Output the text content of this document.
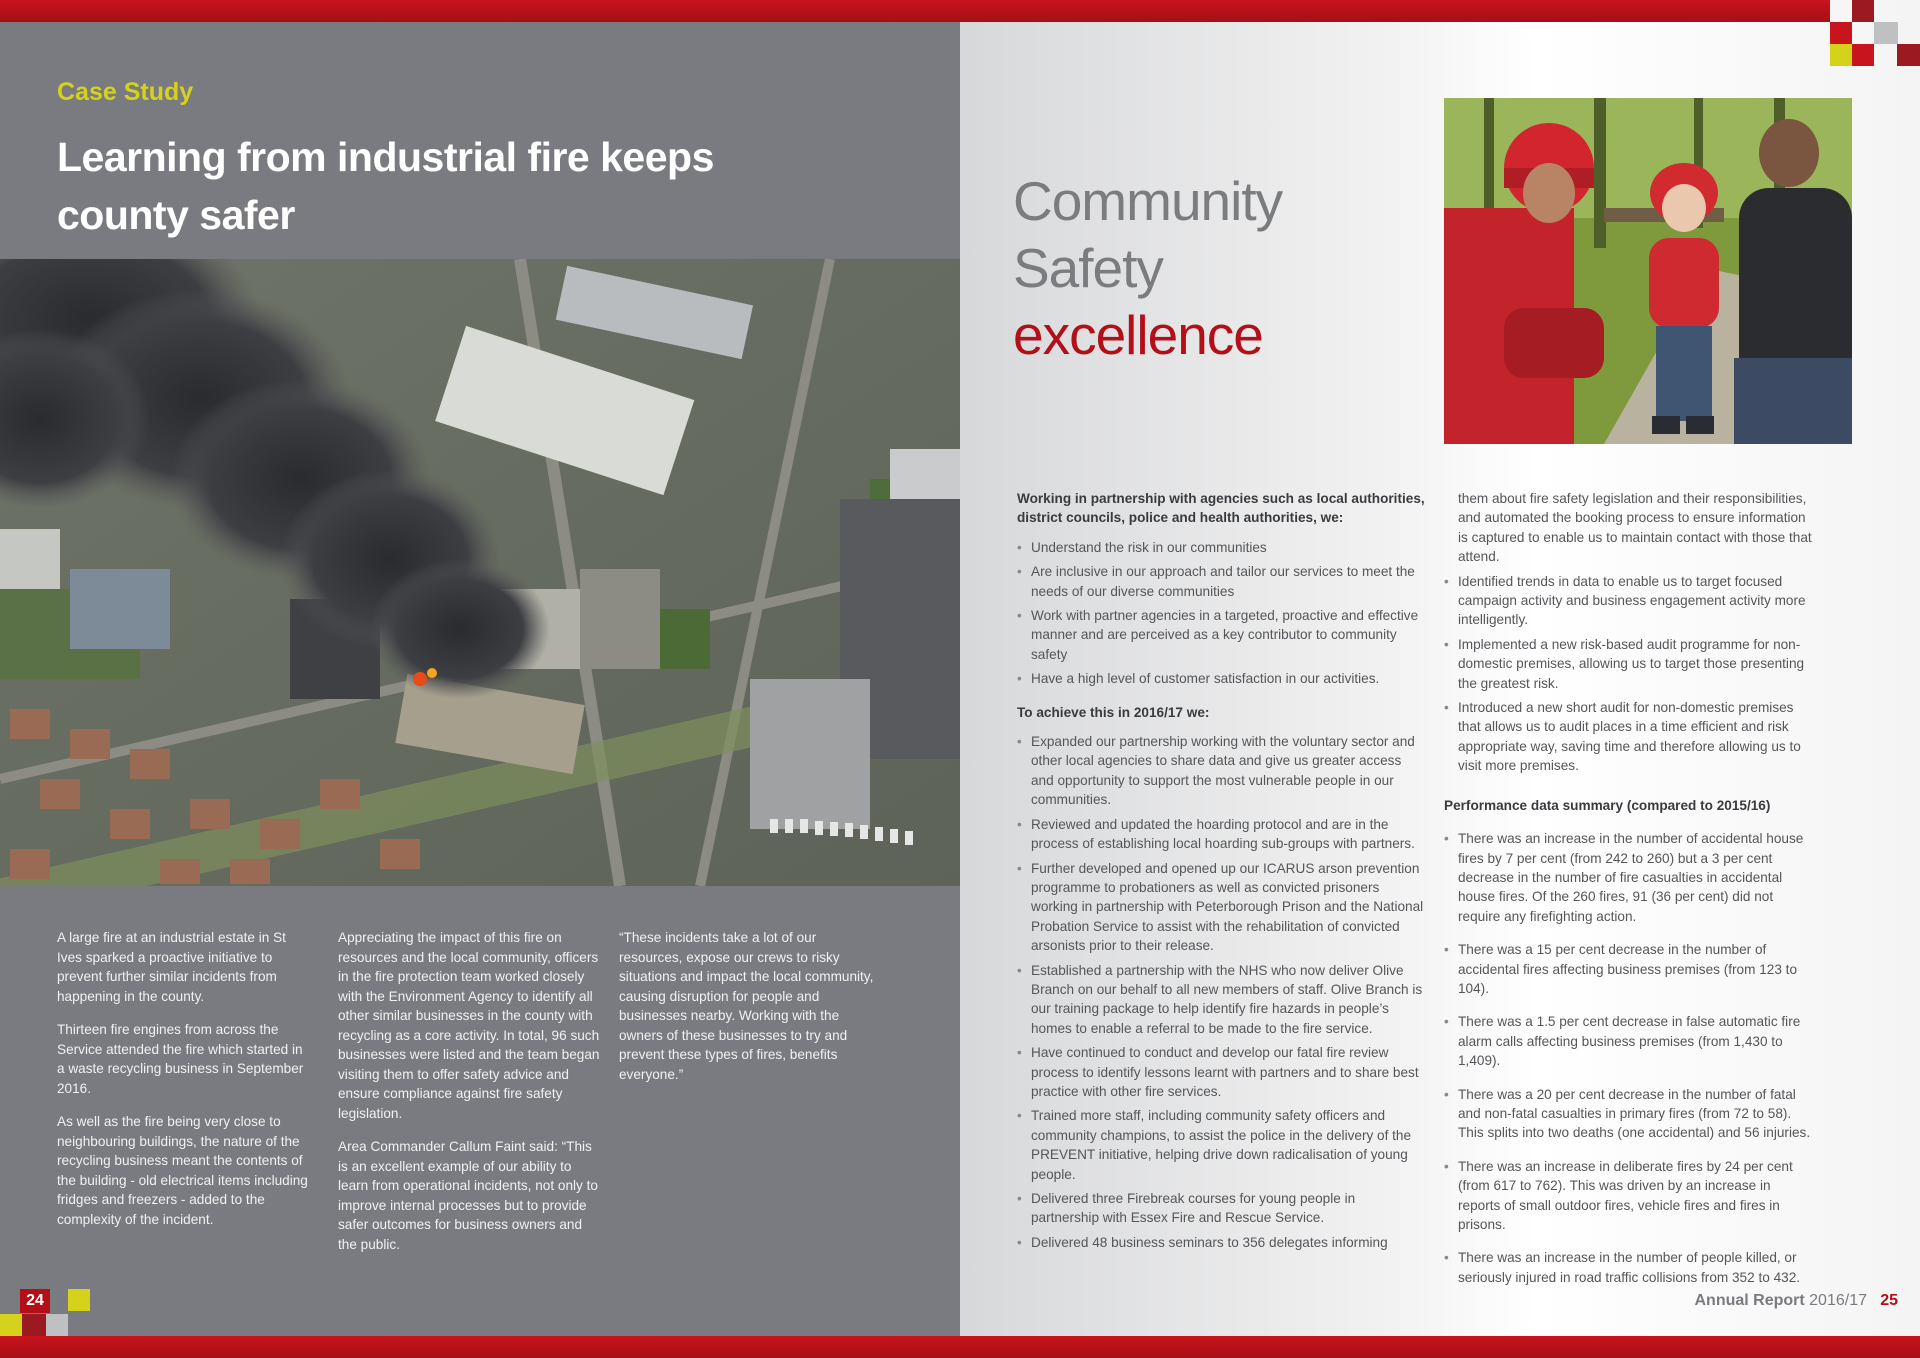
Case Study
Learning from industrial fire keeps
county safer

A large fire at an industrial estate in St Ives sparked a proactive initiative to prevent further similar incidents from happening in the county.

Thirteen fire engines from across the Service attended the fire which started in a waste recycling business in September 2016.

As well as the fire being very close to neighbouring buildings, the nature of the recycling business meant the contents of the building - old electrical items including fridges and freezers - added to the complexity of the incident.

Appreciating the impact of this fire on resources and the local community, officers in the fire protection team worked closely with the Environment Agency to identify all other similar businesses in the county with recycling as a core activity. In total, 96 such businesses were listed and the team began visiting them to offer safety advice and ensure compliance against fire safety legislation.

Area Commander Callum Faint said: “This is an excellent example of our ability to learn from operational incidents, not only to improve internal processes but to provide safer outcomes for business owners and the public.

“These incidents take a lot of our resources, expose our crews to risky situations and impact the local community, causing disruption for people and businesses nearby. Working with the owners of these businesses to try and prevent these types of fires, benefits everyone.”

24
Community
Safety
excellence
Working in partnership with agencies such as local authorities, district councils, police and health authorities, we:
• Understand the risk in our communities
• Are inclusive in our approach and tailor our services to meet the needs of our diverse communities
• Work with partner agencies in a targeted, proactive and effective manner and are perceived as a key contributor to community safety
• Have a high level of customer satisfaction in our activities.
To achieve this in 2016/17 we:
• Expanded our partnership working with the voluntary sector and other local agencies to share data and give us greater access and opportunity to support the most vulnerable people in our communities.
• Reviewed and updated the hoarding protocol and are in the process of establishing local hoarding sub-groups with partners.
• Further developed and opened up our ICARUS arson prevention programme to probationers as well as convicted prisoners working in partnership with Peterborough Prison and the National Probation Service to assist with the rehabilitation of convicted arsonists prior to their release.
• Established a partnership with the NHS who now deliver Olive Branch on our behalf to all new members of staff. Olive Branch is our training package to help identify fire hazards in people’s homes to enable a referral to be made to the fire service.
• Have continued to conduct and develop our fatal fire review process to identify lessons learnt with partners and to share best practice with other fire services.
• Trained more staff, including community safety officers and community champions, to assist the police in the delivery of the PREVENT initiative, helping drive down radicalisation of young people.
• Delivered three Firebreak courses for young people in partnership with Essex Fire and Rescue Service.
• Delivered 48 business seminars to 356 delegates informing
them about fire safety legislation and their responsibilities, and automated the booking process to ensure information is captured to enable us to maintain contact with those that attend.
• Identified trends in data to enable us to target focused campaign activity and business engagement activity more intelligently.
• Implemented a new risk-based audit programme for non-domestic premises, allowing us to target those presenting the greatest risk.
• Introduced a new short audit for non-domestic premises that allows us to audit places in a time efficient and risk appropriate way, saving time and therefore allowing us to visit more premises.
Performance data summary (compared to 2015/16)
• There was an increase in the number of accidental house fires by 7 per cent (from 242 to 260) but a 3 per cent decrease in the number of fire casualties in accidental house fires. Of the 260 fires, 91 (36 per cent) did not require any firefighting action.
• There was a 15 per cent decrease in the number of accidental fires affecting business premises (from 123 to 104).
• There was a 1.5 per cent decrease in false automatic fire alarm calls affecting business premises (from 1,430 to 1,409).
• There was a 20 per cent decrease in the number of fatal and non-fatal casualties in primary fires (from 72 to 58). This splits into two deaths (one accidental) and 56 injuries.
• There was an increase in deliberate fires by 24 per cent (from 617 to 762). This was driven by an increase in reports of small outdoor fires, vehicle fires and fires in prisons.
• There was an increase in the number of people killed, or seriously injured in road traffic collisions from 352 to 432.
Annual Report 2016/17 25
